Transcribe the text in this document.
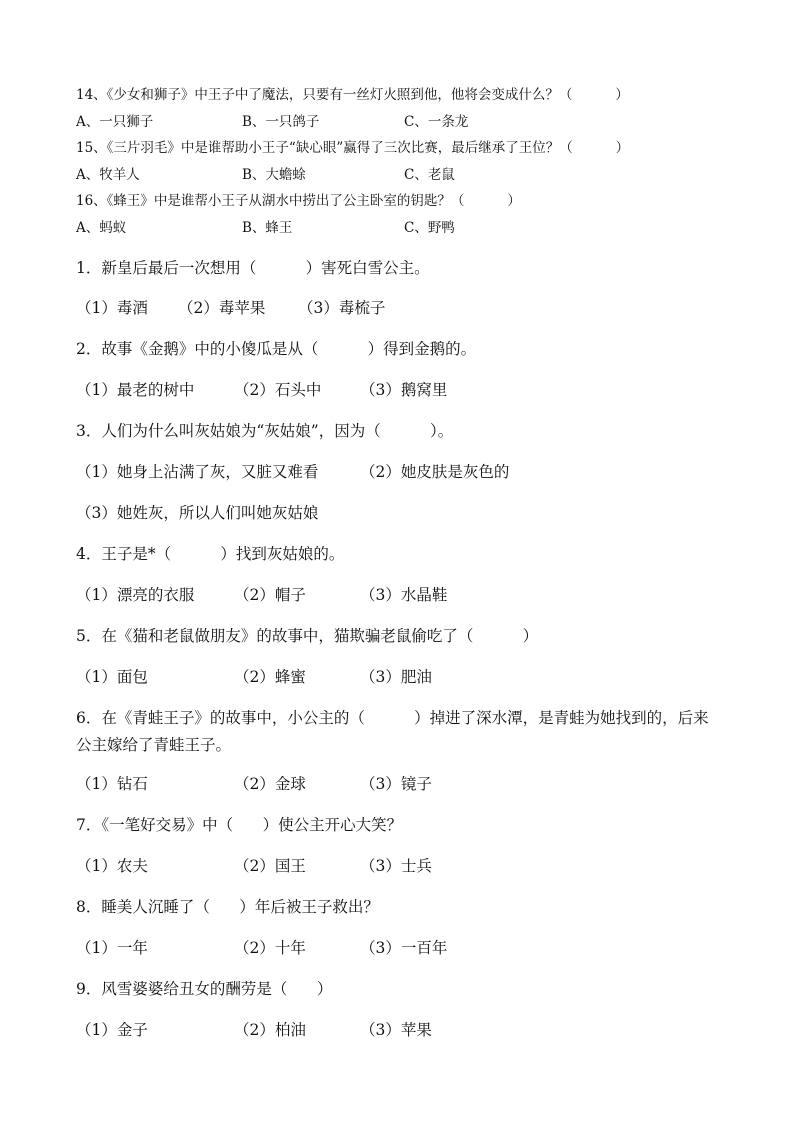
14、《少女和狮子》中王子中了魔法，只要有一丝灯火照到他，他将会变成什么？（          ）
A、一只狮子	B、一只鸽子	C、一条龙
15、《三片羽毛》中是谁帮助小王子“缺心眼”赢得了三次比赛，最后继承了王位？（          ）
A、牧羊人	B、大蟾蜍	C、老鼠
16、《蜂王》中是谁帮小王子从湖水中捞出了公主卧室的钥匙？（          ）
A、蚂蚁	B、蜂王	C、野鸭
1．新皇后最后一次想用（          ）害死白雪公主。
（1）毒酒 （2）毒苹果 （3）毒梳子
2．故事《金鹅》中的小傻瓜是从（          ）得到金鹅的。
（1）最老的树中	（2）石头中 （3）鹅窝里
3．人们为什么叫灰姑娘为“灰姑娘”，因为（          ）。
（1）她身上沾满了灰，又脏又难看	（2）她皮肤是灰色的
（3）她姓灰，所以人们叫她灰姑娘
4．王子是*（          ）找到灰姑娘的。
（1）漂亮的衣服	（2）帽子	（3）水晶鞋
5．在《猫和老鼠做朋友》的故事中，猫欺骗老鼠偷吃了（          ）
（1）面包	（2）蜂蜜	（3）肥油
6．在《青蛙王子》的故事中，小公主的（          ）掉进了深水潭，是青蛙为她找到的，后来
公主嫁给了青蛙王子。
（1）钻石	（2）金球	（3）镜子
7．《一笔好交易》中（      ）使公主开心大笑？
（1）农夫	（2）国王	（3）士兵
8．睡美人沉睡了（      ）年后被王子救出？
（1）一年	（2）十年	（3）一百年
9．风雪婆婆给丑女的酬劳是（      ）
（1）金子	（2）柏油	（3）苹果
